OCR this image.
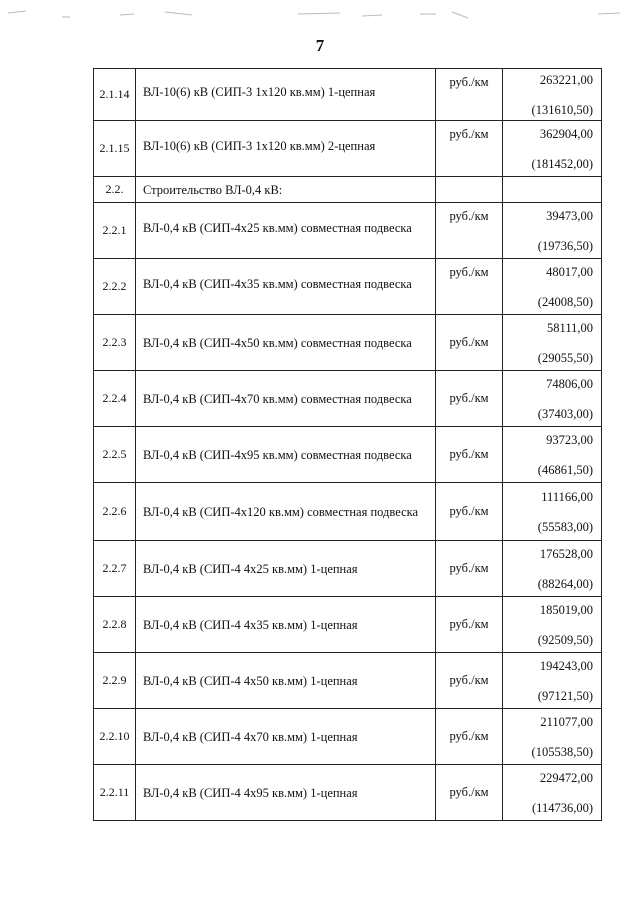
7
2.1.14	ВЛ-10(6) кВ (СИП-3 1х120 кв.мм) 1-цепная	руб./км	263221,00
(131610,50)

2.1.15	ВЛ-10(6) кВ (СИП-3 1х120 кв.мм) 2-цепная	руб./км	362904,00
(181452,00)

2.2.	Строительство ВЛ-0,4 кВ:		

2.2.1	ВЛ-0,4 кВ (СИП-4х25 кв.мм) совместная подвеска	руб./км	39473,00
(19736,50)

2.2.2	ВЛ-0,4 кВ (СИП-4х35 кв.мм) совместная подвеска	руб./км	48017,00
(24008,50)

2.2.3	ВЛ-0,4 кВ (СИП-4х50 кв.мм) совместная подвеска	руб./км	58111,00
(29055,50)

2.2.4	ВЛ-0,4 кВ (СИП-4х70 кв.мм) совместная подвеска	руб./км	74806,00
(37403,00)

2.2.5	ВЛ-0,4 кВ (СИП-4х95 кв.мм) совместная подвеска	руб./км	93723,00
(46861,50)

2.2.6	ВЛ-0,4 кВ (СИП-4х120 кв.мм) совместная подвеска	руб./км	111166,00
(55583,00)

2.2.7	ВЛ-0,4 кВ (СИП-4 4х25 кв.мм) 1-цепная	руб./км	176528,00
(88264,00)

2.2.8	ВЛ-0,4 кВ (СИП-4 4х35 кв.мм) 1-цепная	руб./км	185019,00
(92509,50)

2.2.9	ВЛ-0,4 кВ (СИП-4 4х50 кв.мм) 1-цепная	руб./км	194243,00
(97121,50)

2.2.10	ВЛ-0,4 кВ (СИП-4 4х70 кв.мм) 1-цепная	руб./км	211077,00
(105538,50)

2.2.11	ВЛ-0,4 кВ (СИП-4 4х95 кв.мм) 1-цепная	руб./км	229472,00
(114736,00)
